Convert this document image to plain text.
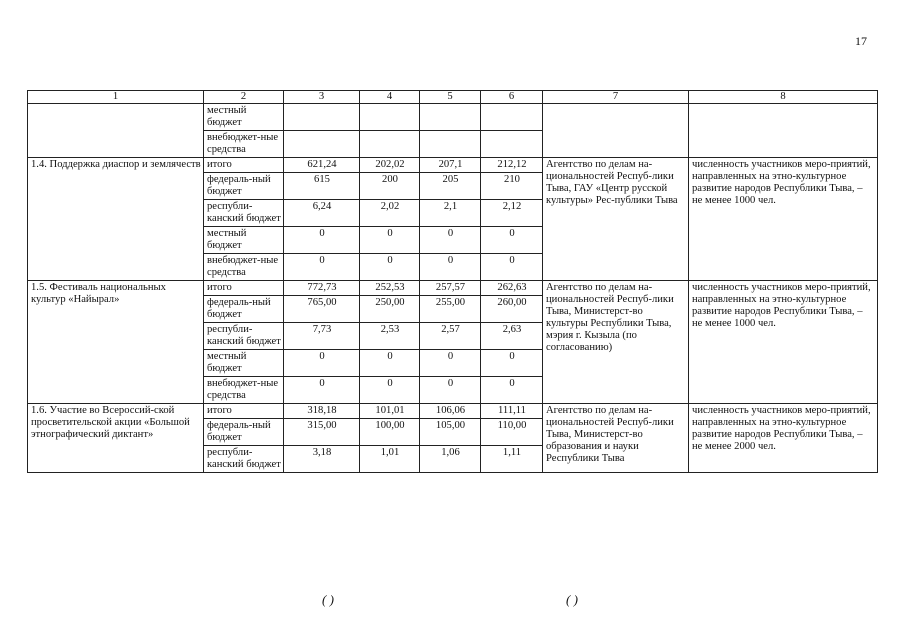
17
1	2	3	4	5	6	7	8
	местный бюджет						
	внебюджет-ные средства						
1.4. Поддержка диаспор и землячеств	итого	621,24	202,02	207,1	212,12	Агентство по делам на-циональностей Респуб-лики Тыва, ГАУ «Центр русской культуры» Рес-публики Тыва	численность участников меро-приятий, направленных на этно-культурное развитие народов Республики Тыва, – не менее 1000 чел.
	федераль-ный бюджет	615	200	205	210		
	республи-канский бюджет	6,24	2,02	2,1	2,12		
	местный бюджет	0	0	0	0		
	внебюджет-ные средства	0	0	0	0		
1.5. Фестиваль национальных культур «Найырал»	итого	772,73	252,53	257,57	262,63	Агентство по делам на-циональностей Респуб-лики Тыва, Министерст-во культуры Республики Тыва, мэрия г. Кызыла (по согласованию)	численность участников меро-приятий, направленных на этно-культурное развитие народов Республики Тыва, – не менее 1000 чел.
	федераль-ный бюджет	765,00	250,00	255,00	260,00		
	республи-канский бюджет	7,73	2,53	2,57	2,63		
	местный бюджет	0	0	0	0		
	внебюджет-ные средства	0	0	0	0		
1.6. Участие во Всероссий-ской просветительской акции «Большой этнографический диктант»	итого	318,18	101,01	106,06	111,11	Агентство по делам на-циональностей Респуб-лики Тыва, Министерст-во образования и науки Республики Тыва	численность участников меро-приятий, направленных на этно-культурное развитие народов Республики Тыва, – не менее 2000 чел.
	федераль-ный бюджет	315,00	100,00	105,00	110,00		
	республи-канский бюджет	3,18	1,01	1,06	1,11		
( )	( )
